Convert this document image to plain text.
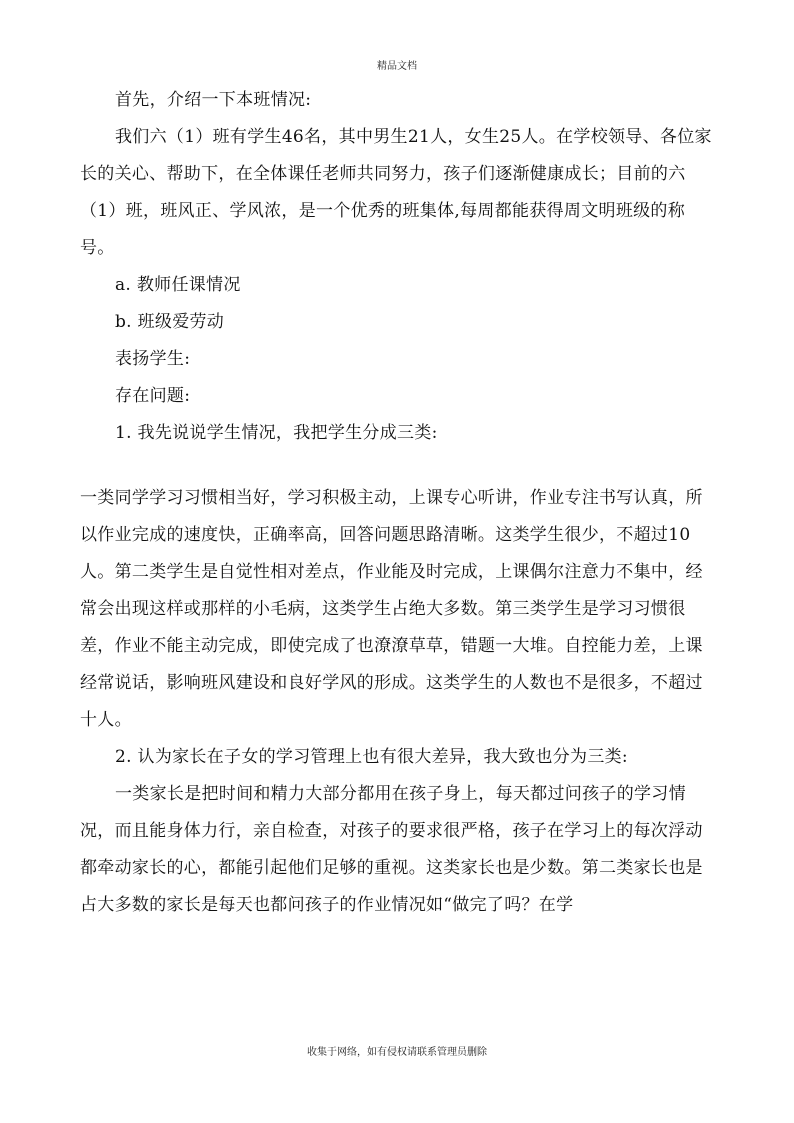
精品文档

首先，介绍一下本班情况:

我们六（1）班有学生46名，其中男生21人，女生25人。在学校领导、各位家长的关心、帮助下，在全体课任老师共同努力，孩子们逐渐健康成长；目前的六（1）班，班风正、学风浓，是一个优秀的班集体,每周都能获得周文明班级的称号。

a. 教师任课情况

b. 班级爱劳动

表扬学生:

存在问题:

1. 我先说说学生情况，我把学生分成三类:

一类同学学习习惯相当好，学习积极主动，上课专心听讲，作业专注书写认真，所以作业完成的速度快，正确率高，回答问题思路清晰。这类学生很少，不超过10人。第二类学生是自觉性相对差点，作业能及时完成，上课偶尔注意力不集中，经常会出现这样或那样的小毛病，这类学生占绝大多数。第三类学生是学习习惯很差，作业不能主动完成，即使完成了也潦潦草草，错题一大堆。自控能力差，上课经常说话，影响班风建设和良好学风的形成。这类学生的人数也不是很多，不超过十人。

2. 认为家长在子女的学习管理上也有很大差异，我大致也分为三类:

一类家长是把时间和精力大部分都用在孩子身上，每天都过问孩子的学习情况，而且能身体力行，亲自检查，对孩子的要求很严格，孩子在学习上的每次浮动都牵动家长的心，都能引起他们足够的重视。这类家长也是少数。第二类家长也是占大多数的家长是每天也都问孩子的作业情况如“做完了吗？在学

收集于网络，如有侵权请联系管理员删除
